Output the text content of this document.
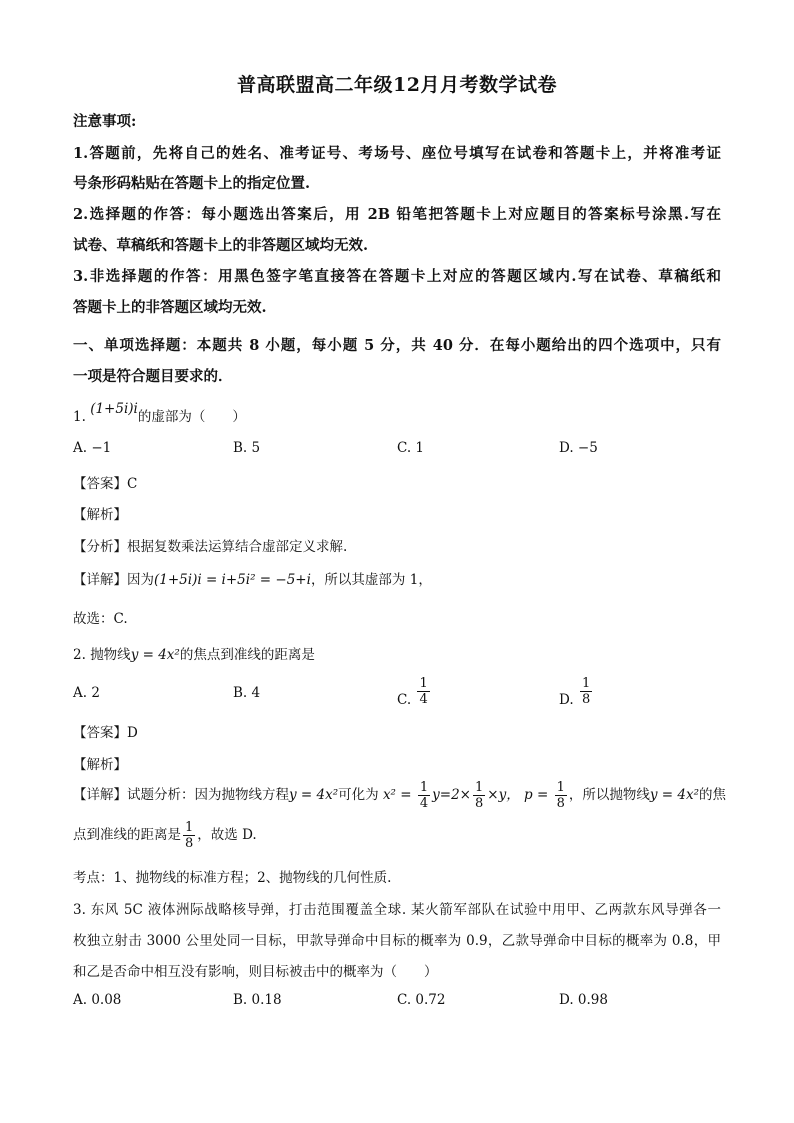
普高联盟高二年级12月月考数学试卷
注意事项:
1.答题前，先将自己的姓名、准考证号、考场号、座位号填写在试卷和答题卡上，并将准考证
号条形码粘贴在答题卡上的指定位置.
2.选择题的作答：每小题选出答案后，用 2B 铅笔把答题卡上对应题目的答案标号涂黑.写在
试卷、草稿纸和答题卡上的非答题区域均无效.
3.非选择题的作答：用黑色签字笔直接答在答题卡上对应的答题区域内.写在试卷、草稿纸和
答题卡上的非答题区域均无效.
一、单项选择题：本题共 8 小题，每小题 5 分，共 40 分．在每小题给出的四个选项中，只有
一项是符合题目要求的．
1. (1+5i)i的虚部为（　　）
A. −1	B. 5	C. 1	D. −5
【答案】C
【解析】
【分析】根据复数乘法运算结合虚部定义求解.
【详解】因为(1+5i)i = i+5i² = −5+i，所以其虚部为 1，
故选：C.
2. 抛物线y = 4x²的焦点到准线的距离是
A. 2	B. 4	C. $\frac{1}{4}$	D. $\frac{1}{8}$
【答案】D
【解析】
【详解】试题分析：因为抛物线方程y = 4x²可化为 $x^2 = \frac{1}{4} y=2\times \frac{1}{8} \times y$， $p = \frac{1}{8}$ ，所以抛物线y = 4x²的焦
点到准线的距离是 $\frac{1}{8}$ ，故选 D.
考点：1、抛物线的标准方程；2、抛物线的几何性质.
3. 东风 5C 液体洲际战略核导弹，打击范围覆盖全球. 某火箭军部队在试验中用甲、乙两款东风导弹各一
枚独立射击 3000 公里处同一目标，甲款导弹命中目标的概率为 0.9，乙款导弹命中目标的概率为 0.8，甲
和乙是否命中相互没有影响，则目标被击中的概率为（　　）
A. 0.08	B. 0.18	C. 0.72	D. 0.98
